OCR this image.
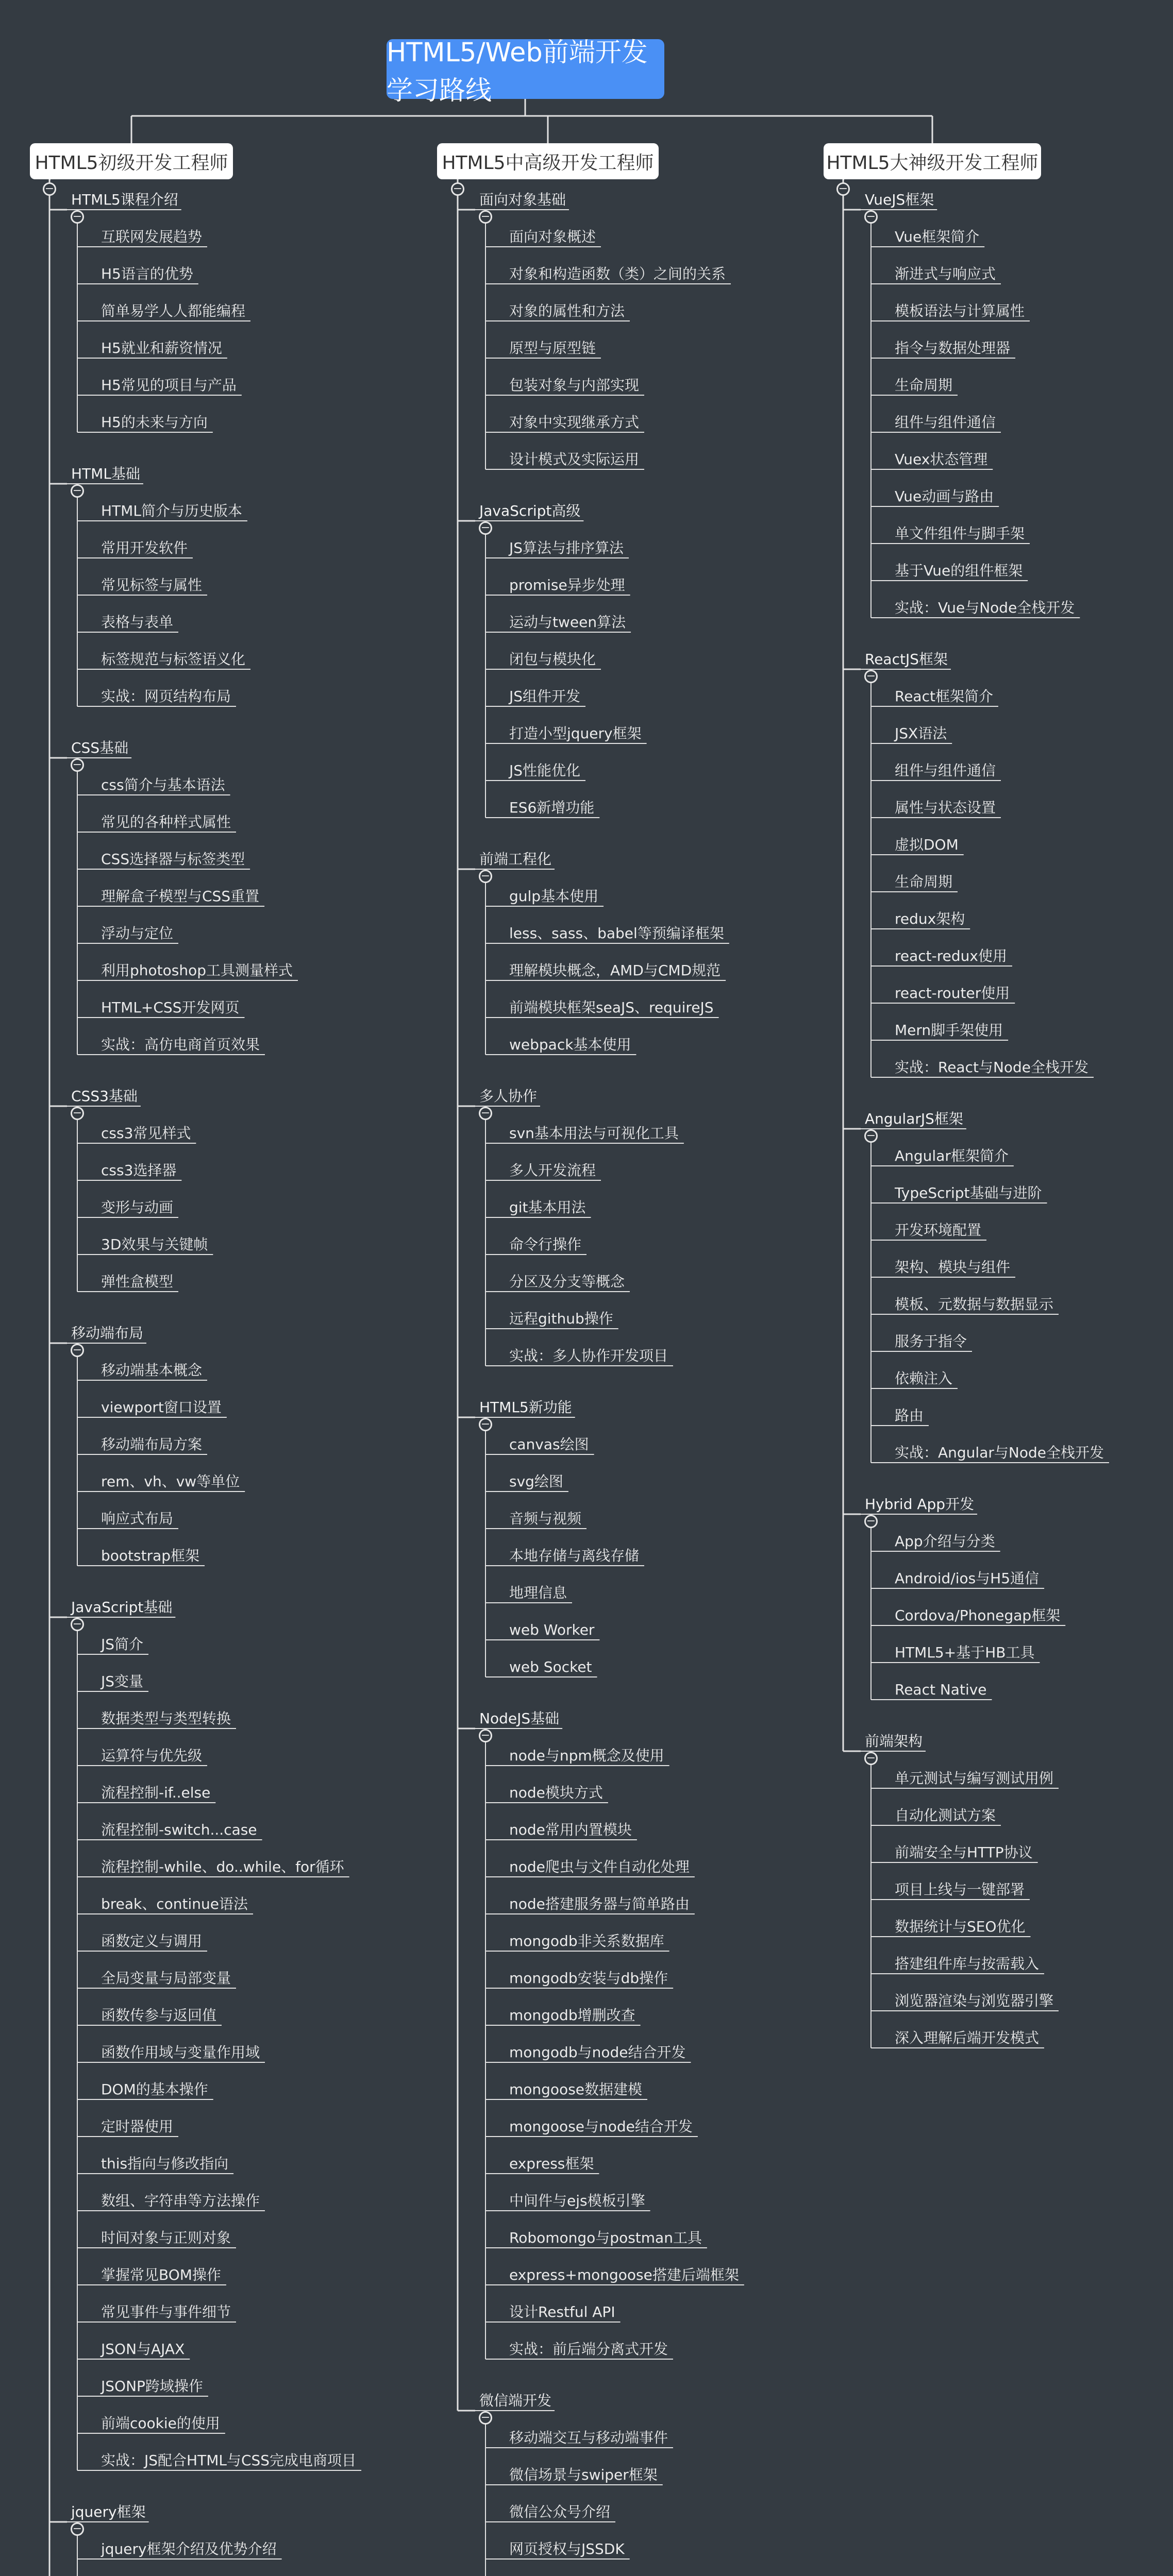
HTML5/Web前端开发学习路线
HTML5初级开发工程师
−
HTML5课程介绍
互联网发展趋势
H5语言的优势
简单易学人人都能编程
H5就业和薪资情况
H5常见的项目与产品
H5的未来与方向
−
HTML基础
HTML简介与历史版本
常用开发软件
常见标签与属性
表格与表单
标签规范与标签语义化
实战：网页结构布局
−
CSS基础
css简介与基本语法
常见的各种样式属性
CSS选择器与标签类型
理解盒子模型与CSS重置
浮动与定位
利用photoshop工具测量样式
HTML+CSS开发网页
实战：高仿电商首页效果
−
CSS3基础
css3常见样式
css3选择器
变形与动画
3D效果与关键帧
弹性盒模型
−
移动端布局
移动端基本概念
viewport窗口设置
移动端布局方案
rem、vh、vw等单位
响应式布局
bootstrap框架
−
JavaScript基础
JS简介
JS变量
数据类型与类型转换
运算符与优先级
流程控制-if..else
流程控制-switch...case
流程控制-while、do..while、for循环
break、continue语法
函数定义与调用
全局变量与局部变量
函数传参与返回值
函数作用域与变量作用域
DOM的基本操作
定时器使用
this指向与修改指向
数组、字符串等方法操作
时间对象与正则对象
掌握常见BOM操作
常见事件与事件细节
JSON与AJAX
JSONP跨域操作
前端cookie的使用
实战：JS配合HTML与CSS完成电商项目
−
jquery框架
jquery框架介绍及优势介绍
−
HTML5中高级开发工程师
−
面向对象基础
面向对象概述
对象和构造函数（类）之间的关系
对象的属性和方法
原型与原型链
包装对象与内部实现
对象中实现继承方式
设计模式及实际运用
−
JavaScript高级
JS算法与排序算法
promise异步处理
运动与tween算法
闭包与模块化
JS组件开发
打造小型jquery框架
JS性能优化
ES6新增功能
−
前端工程化
gulp基本使用
less、sass、babel等预编译框架
理解模块概念，AMD与CMD规范
前端模块框架seaJS、requireJS
webpack基本使用
−
多人协作
svn基本用法与可视化工具
多人开发流程
git基本用法
命令行操作
分区及分支等概念
远程github操作
实战：多人协作开发项目
−
HTML5新功能
canvas绘图
svg绘图
音频与视频
本地存储与离线存储
地理信息
web Worker
web Socket
−
NodeJS基础
node与npm概念及使用
node模块方式
node常用内置模块
node爬虫与文件自动化处理
node搭建服务器与简单路由
mongodb非关系数据库
mongodb安装与db操作
mongodb增删改查
mongodb与node结合开发
mongoose数据建模
mongoose与node结合开发
express框架
中间件与ejs模板引擎
Robomongo与postman工具
express+mongoose搭建后端框架
设计Restful API
实战：前后端分离式开发
−
微信端开发
移动端交互与移动端事件
微信场景与swiper框架
微信公众号介绍
网页授权与JSSDK
−
HTML5大神级开发工程师
−
VueJS框架
Vue框架简介
渐进式与响应式
模板语法与计算属性
指令与数据处理器
生命周期
组件与组件通信
Vuex状态管理
Vue动画与路由
单文件组件与脚手架
基于Vue的组件框架
实战：Vue与Node全栈开发
−
ReactJS框架
React框架简介
JSX语法
组件与组件通信
属性与状态设置
虚拟DOM
生命周期
redux架构
react-redux使用
react-router使用
Mern脚手架使用
实战：React与Node全栈开发
−
AngularJS框架
Angular框架简介
TypeScript基础与进阶
开发环境配置
架构、模块与组件
模板、元数据与数据显示
服务于指令
依赖注入
路由
实战：Angular与Node全栈开发
−
Hybrid App开发
App介绍与分类
Android/ios与H5通信
Cordova/Phonegap框架
HTML5+基于HB工具
React Native
−
前端架构
单元测试与编写测试用例
自动化测试方案
前端安全与HTTP协议
项目上线与一键部署
数据统计与SEO优化
搭建组件库与按需载入
浏览器渲染与浏览器引擎
深入理解后端开发模式
−
